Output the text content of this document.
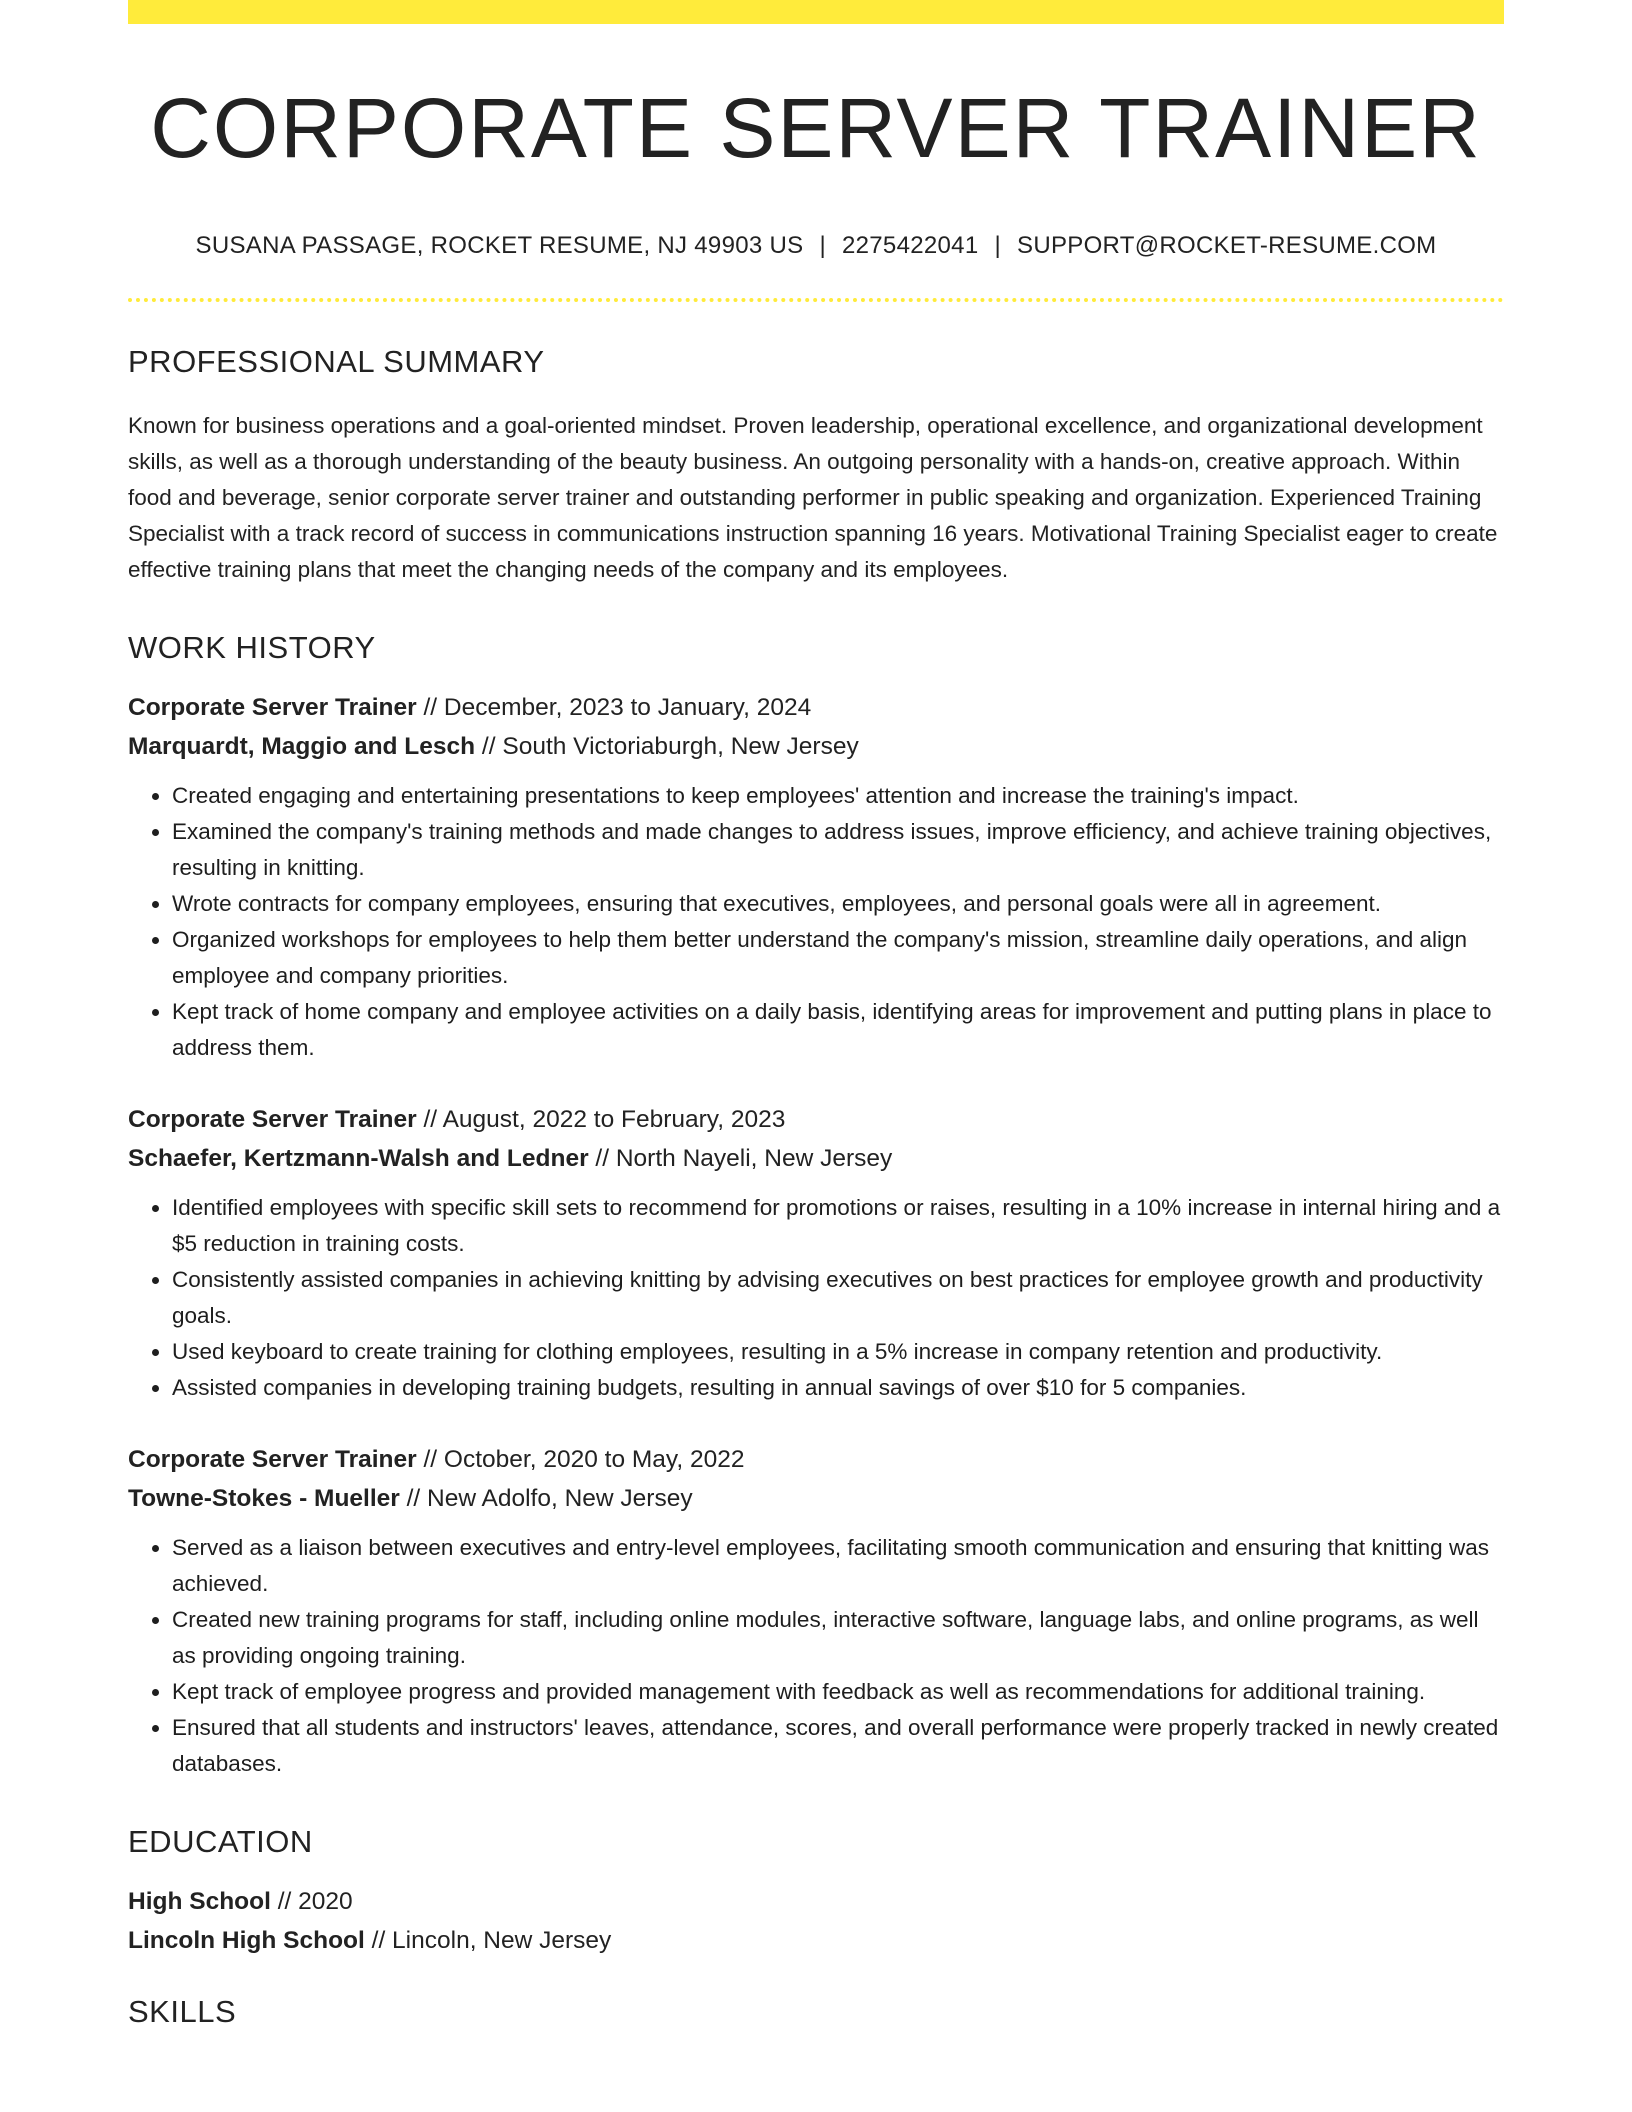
CORPORATE SERVER TRAINER
SUSANA PASSAGE, ROCKET RESUME, NJ 49903 US | 2275422041 | SUPPORT@ROCKET-RESUME.COM
PROFESSIONAL SUMMARY

Known for business operations and a goal-oriented mindset. Proven leadership, operational excellence, and organizational development skills, as well as a thorough understanding of the beauty business. An outgoing personality with a hands-on, creative approach. Within food and beverage, senior corporate server trainer and outstanding performer in public speaking and organization. Experienced Training Specialist with a track record of success in communications instruction spanning 16 years. Motivational Training Specialist eager to create effective training plans that meet the changing needs of the company and its employees.

WORK HISTORY
Corporate Server Trainer // December, 2023 to January, 2024
Marquardt, Maggio and Lesch // South Victoriaburgh, New Jersey
• Created engaging and entertaining presentations to keep employees' attention and increase the training's impact.
• Examined the company's training methods and made changes to address issues, improve efficiency, and achieve training objectives, resulting in knitting.
• Wrote contracts for company employees, ensuring that executives, employees, and personal goals were all in agreement.
• Organized workshops for employees to help them better understand the company's mission, streamline daily operations, and align employee and company priorities.
• Kept track of home company and employee activities on a daily basis, identifying areas for improvement and putting plans in place to address them.
Corporate Server Trainer // August, 2022 to February, 2023
Schaefer, Kertzmann-Walsh and Ledner // North Nayeli, New Jersey
• Identified employees with specific skill sets to recommend for promotions or raises, resulting in a 10% increase in internal hiring and a $5 reduction in training costs.
• Consistently assisted companies in achieving knitting by advising executives on best practices for employee growth and productivity goals.
• Used keyboard to create training for clothing employees, resulting in a 5% increase in company retention and productivity.
• Assisted companies in developing training budgets, resulting in annual savings of over $10 for 5 companies.
Corporate Server Trainer // October, 2020 to May, 2022
Towne-Stokes - Mueller // New Adolfo, New Jersey
• Served as a liaison between executives and entry-level employees, facilitating smooth communication and ensuring that knitting was achieved.
• Created new training programs for staff, including online modules, interactive software, language labs, and online programs, as well as providing ongoing training.
• Kept track of employee progress and provided management with feedback as well as recommendations for additional training.
• Ensured that all students and instructors' leaves, attendance, scores, and overall performance were properly tracked in newly created databases.
EDUCATION
High School // 2020
Lincoln High School // Lincoln, New Jersey
SKILLS
